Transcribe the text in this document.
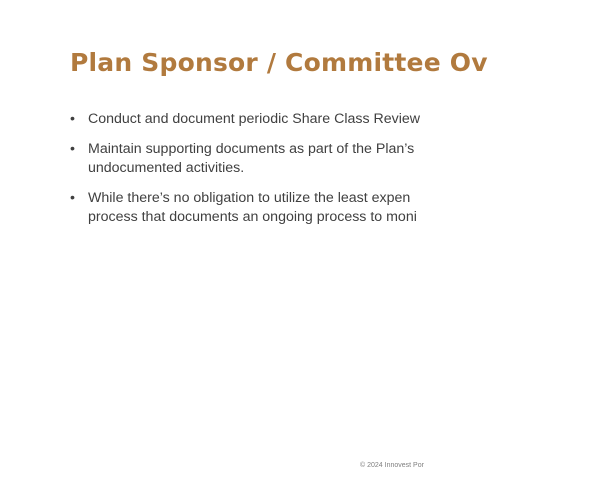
Plan Sponsor / Committee Ov
• Conduct and document periodic Share Class Review
• Maintain supporting documents as part of the Plan’s
undocumented activities.
• While there’s no obligation to utilize the least expen
process that documents an ongoing process to moni
© 2024 Innovest Por
